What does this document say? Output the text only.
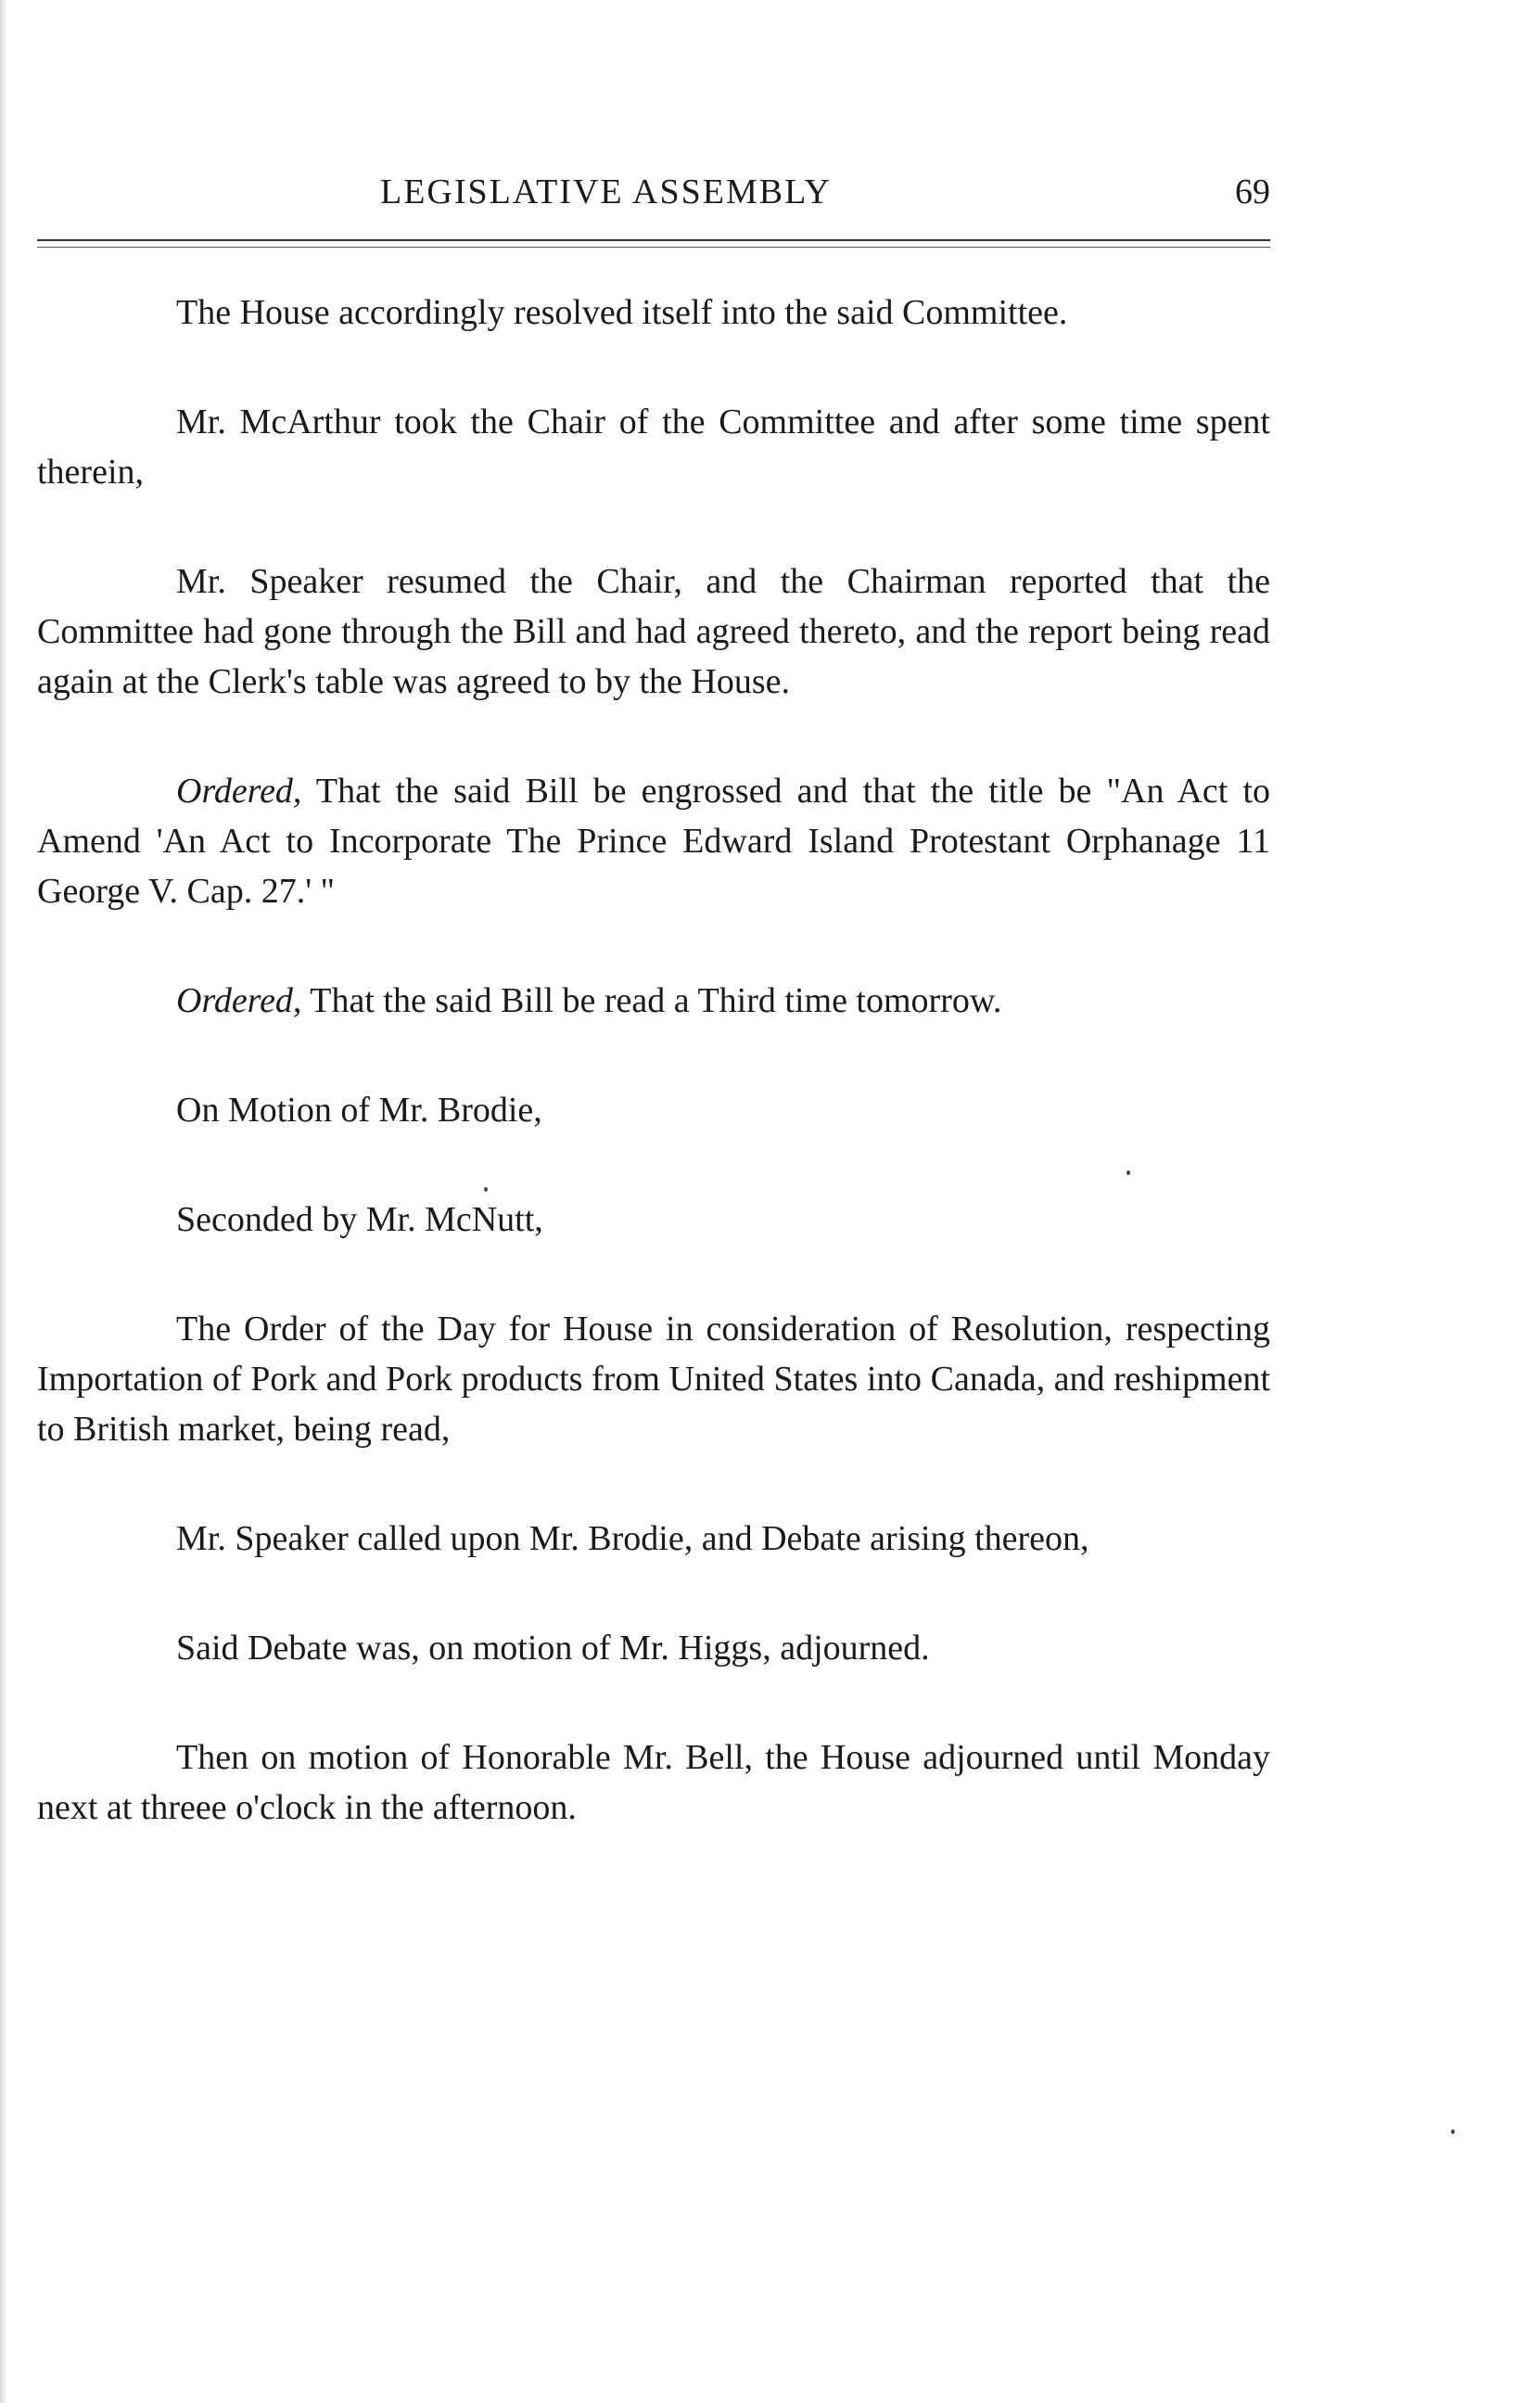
LEGISLATIVE ASSEMBLY	69

The House accordingly resolved itself into the said Committee.

Mr. McArthur took the Chair of the Committee and after some time spent therein,

Mr. Speaker resumed the Chair, and the Chairman reported that the Committee had gone through the Bill and had agreed thereto, and the report being read again at the Clerk's table was agreed to by the House.

Ordered, That the said Bill be engrossed and that the title be "An Act to Amend 'An Act to Incorporate The Prince Edward Island Protestant Orphanage 11 George V. Cap. 27.' "

Ordered, That the said Bill be read a Third time tomorrow.

On Motion of Mr. Brodie,

Seconded by Mr. McNutt,

The Order of the Day for House in consideration of Resolution, respecting Importation of Pork and Pork products from United States into Canada, and reshipment to British market, being read,

Mr. Speaker called upon Mr. Brodie, and Debate arising thereon,

Said Debate was, on motion of Mr. Higgs, adjourned.

Then on motion of Honorable Mr. Bell, the House adjourned until Monday next at threee o'clock in the afternoon.
